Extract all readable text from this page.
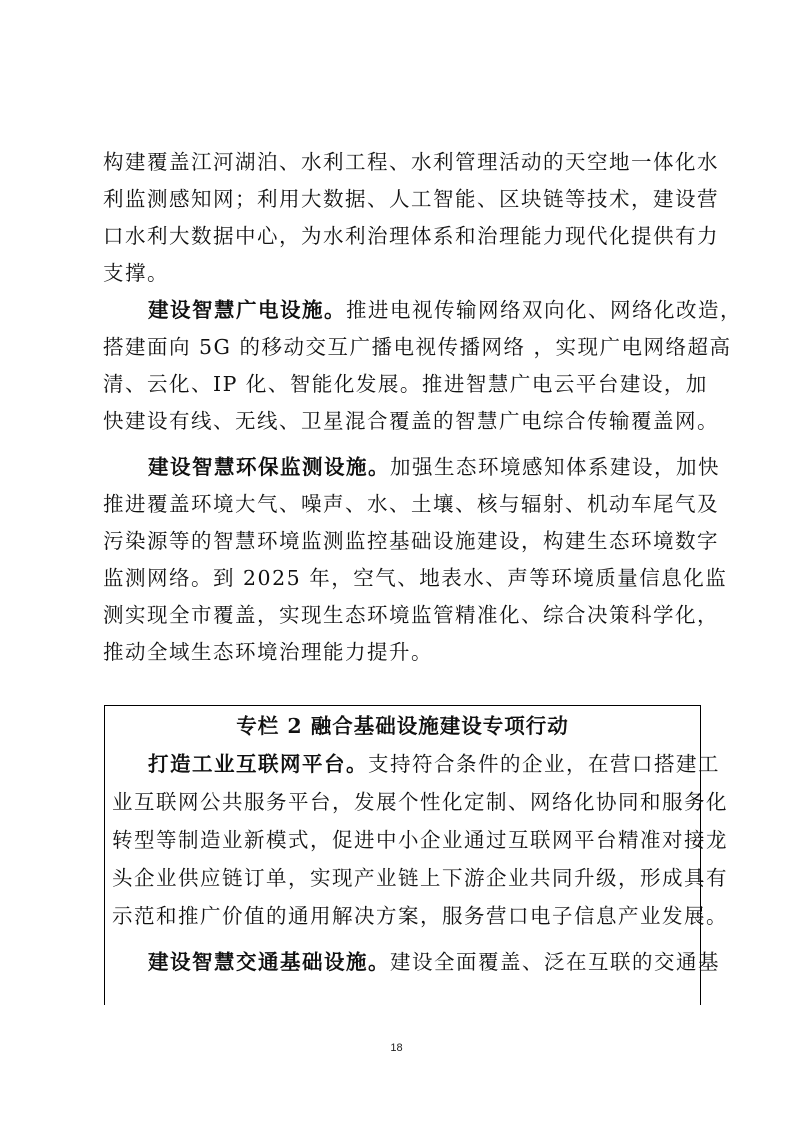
构建覆盖江河湖泊、水利工程、水利管理活动的天空地一体化水
利监测感知网；利用大数据、人工智能、区块链等技术，建设营
口水利大数据中心，为水利治理体系和治理能力现代化提供有力
支撑。
建设智慧广电设施。推进电视传输网络双向化、网络化改造，
搭建面向 5G 的移动交互广播电视传播网络 ，实现广电网络超高
清、云化、IP 化、智能化发展。推进智慧广电云平台建设，加
快建设有线、无线、卫星混合覆盖的智慧广电综合传输覆盖网。
建设智慧环保监测设施。加强生态环境感知体系建设，加快
推进覆盖环境大气、噪声、水、土壤、核与辐射、机动车尾气及
污染源等的智慧环境监测监控基础设施建设，构建生态环境数字
监测网络。到 2025 年，空气、地表水、声等环境质量信息化监
测实现全市覆盖，实现生态环境监管精准化、综合决策科学化，
推动全域生态环境治理能力提升。
专栏 2 融合基础设施建设专项行动
打造工业互联网平台。支持符合条件的企业，在营口搭建工
业互联网公共服务平台，发展个性化定制、网络化协同和服务化
转型等制造业新模式，促进中小企业通过互联网平台精准对接龙
头企业供应链订单，实现产业链上下游企业共同升级，形成具有
示范和推广价值的通用解决方案，服务营口电子信息产业发展。
建设智慧交通基础设施。建设全面覆盖、泛在互联的交通基
18
